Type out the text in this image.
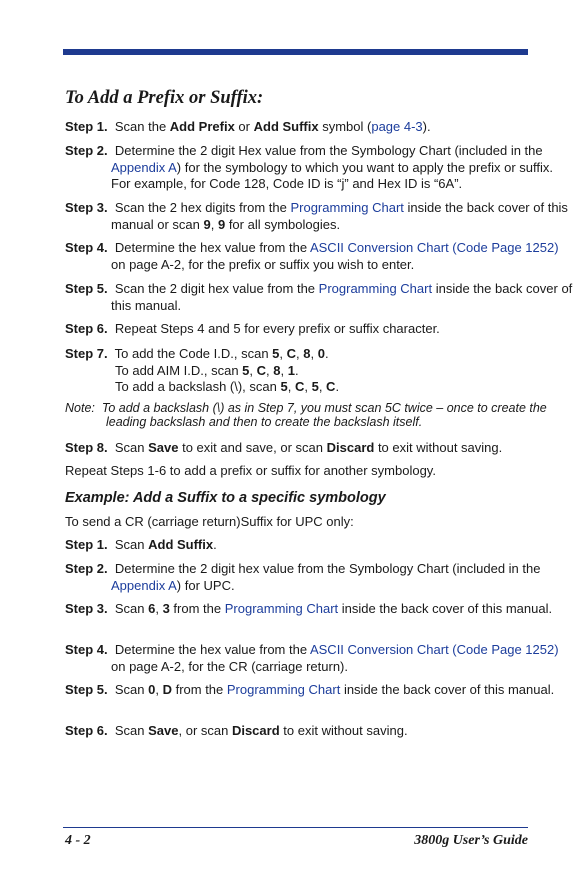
To Add a Prefix or Suffix:
Step 1. Scan the Add Prefix or Add Suffix symbol (page 4-3).
Step 2. Determine the 2 digit Hex value from the Symbology Chart (included in the Appendix A) for the symbology to which you want to apply the prefix or suffix. For example, for Code 128, Code ID is “j” and Hex ID is “6A”.
Step 3. Scan the 2 hex digits from the Programming Chart inside the back cover of this manual or scan 9, 9 for all symbologies.
Step 4. Determine the hex value from the ASCII Conversion Chart (Code Page 1252) on page A-2, for the prefix or suffix you wish to enter.
Step 5. Scan the 2 digit hex value from the Programming Chart inside the back cover of this manual.
Step 6. Repeat Steps 4 and 5 for every prefix or suffix character.
Step 7. To add the Code I.D., scan 5, C, 8, 0.
To add AIM I.D., scan 5, C, 8, 1.
To add a backslash (\), scan 5, C, 5, C.
Note: To add a backslash (\) as in Step 7, you must scan 5C twice – once to create the leading backslash and then to create the backslash itself.
Step 8. Scan Save to exit and save, or scan Discard to exit without saving.
Repeat Steps 1-6 to add a prefix or suffix for another symbology.
Example: Add a Suffix to a specific symbology
To send a CR (carriage return)Suffix for UPC only:
Step 1. Scan Add Suffix.
Step 2. Determine the 2 digit hex value from the Symbology Chart (included in the Appendix A) for UPC.
Step 3. Scan 6, 3 from the Programming Chart inside the back cover of this manual.
Step 4. Determine the hex value from the ASCII Conversion Chart (Code Page 1252) on page A-2, for the CR (carriage return).
Step 5. Scan 0, D from the Programming Chart inside the back cover of this manual.
Step 6. Scan Save, or scan Discard to exit without saving.
4 - 2	3800g User’s Guide
